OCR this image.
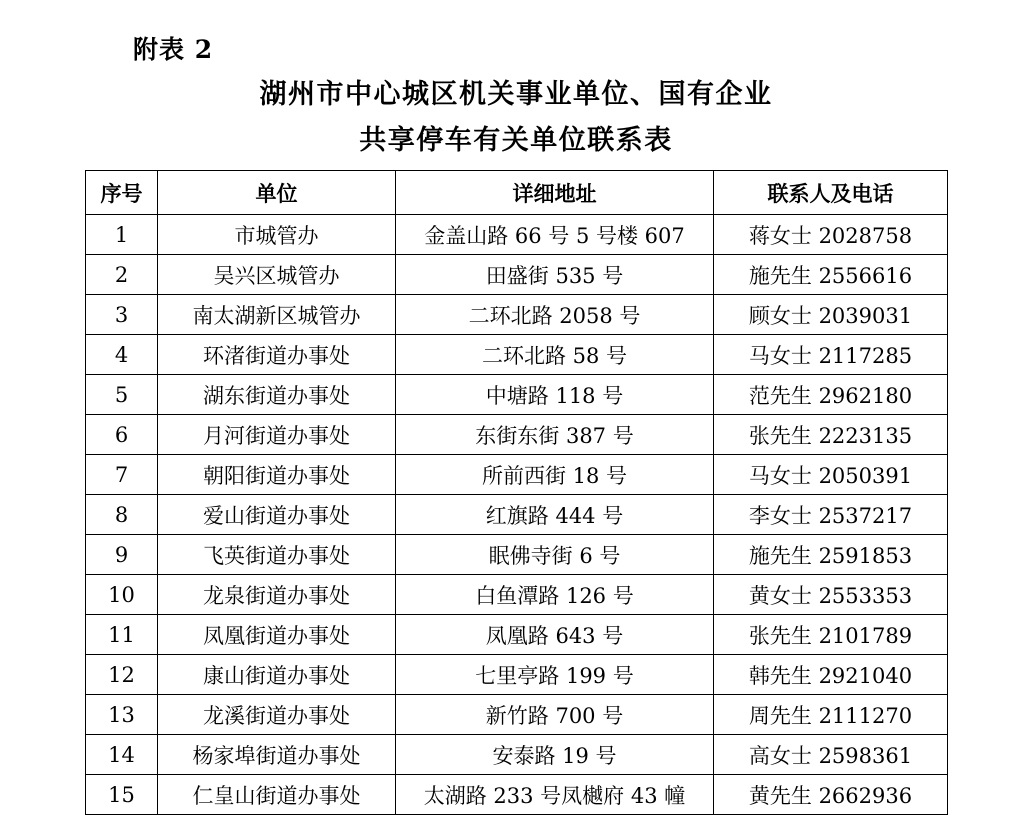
附表 2
湖州市中心城区机关事业单位、国有企业
共享停车有关单位联系表
序号	单位	详细地址	联系人及电话
1	市城管办	金盖山路 66 号 5 号楼 607	蒋女士 2028758
2	吴兴区城管办	田盛街 535 号	施先生 2556616
3	南太湖新区城管办	二环北路 2058 号	顾女士 2039031
4	环渚街道办事处	二环北路 58 号	马女士 2117285
5	湖东街道办事处	中塘路 118 号	范先生 2962180
6	月河街道办事处	东街东街 387 号	张先生 2223135
7	朝阳街道办事处	所前西街 18 号	马女士 2050391
8	爱山街道办事处	红旗路 444 号	李女士 2537217
9	飞英街道办事处	眠佛寺街 6 号	施先生 2591853
10	龙泉街道办事处	白鱼潭路 126 号	黄女士 2553353
11	凤凰街道办事处	凤凰路 643 号	张先生 2101789
12	康山街道办事处	七里亭路 199 号	韩先生 2921040
13	龙溪街道办事处	新竹路 700 号	周先生 2111270
14	杨家埠街道办事处	安泰路 19 号	高女士 2598361
15	仁皇山街道办事处	太湖路 233 号凤樾府 43 幢	黄先生 2662936
